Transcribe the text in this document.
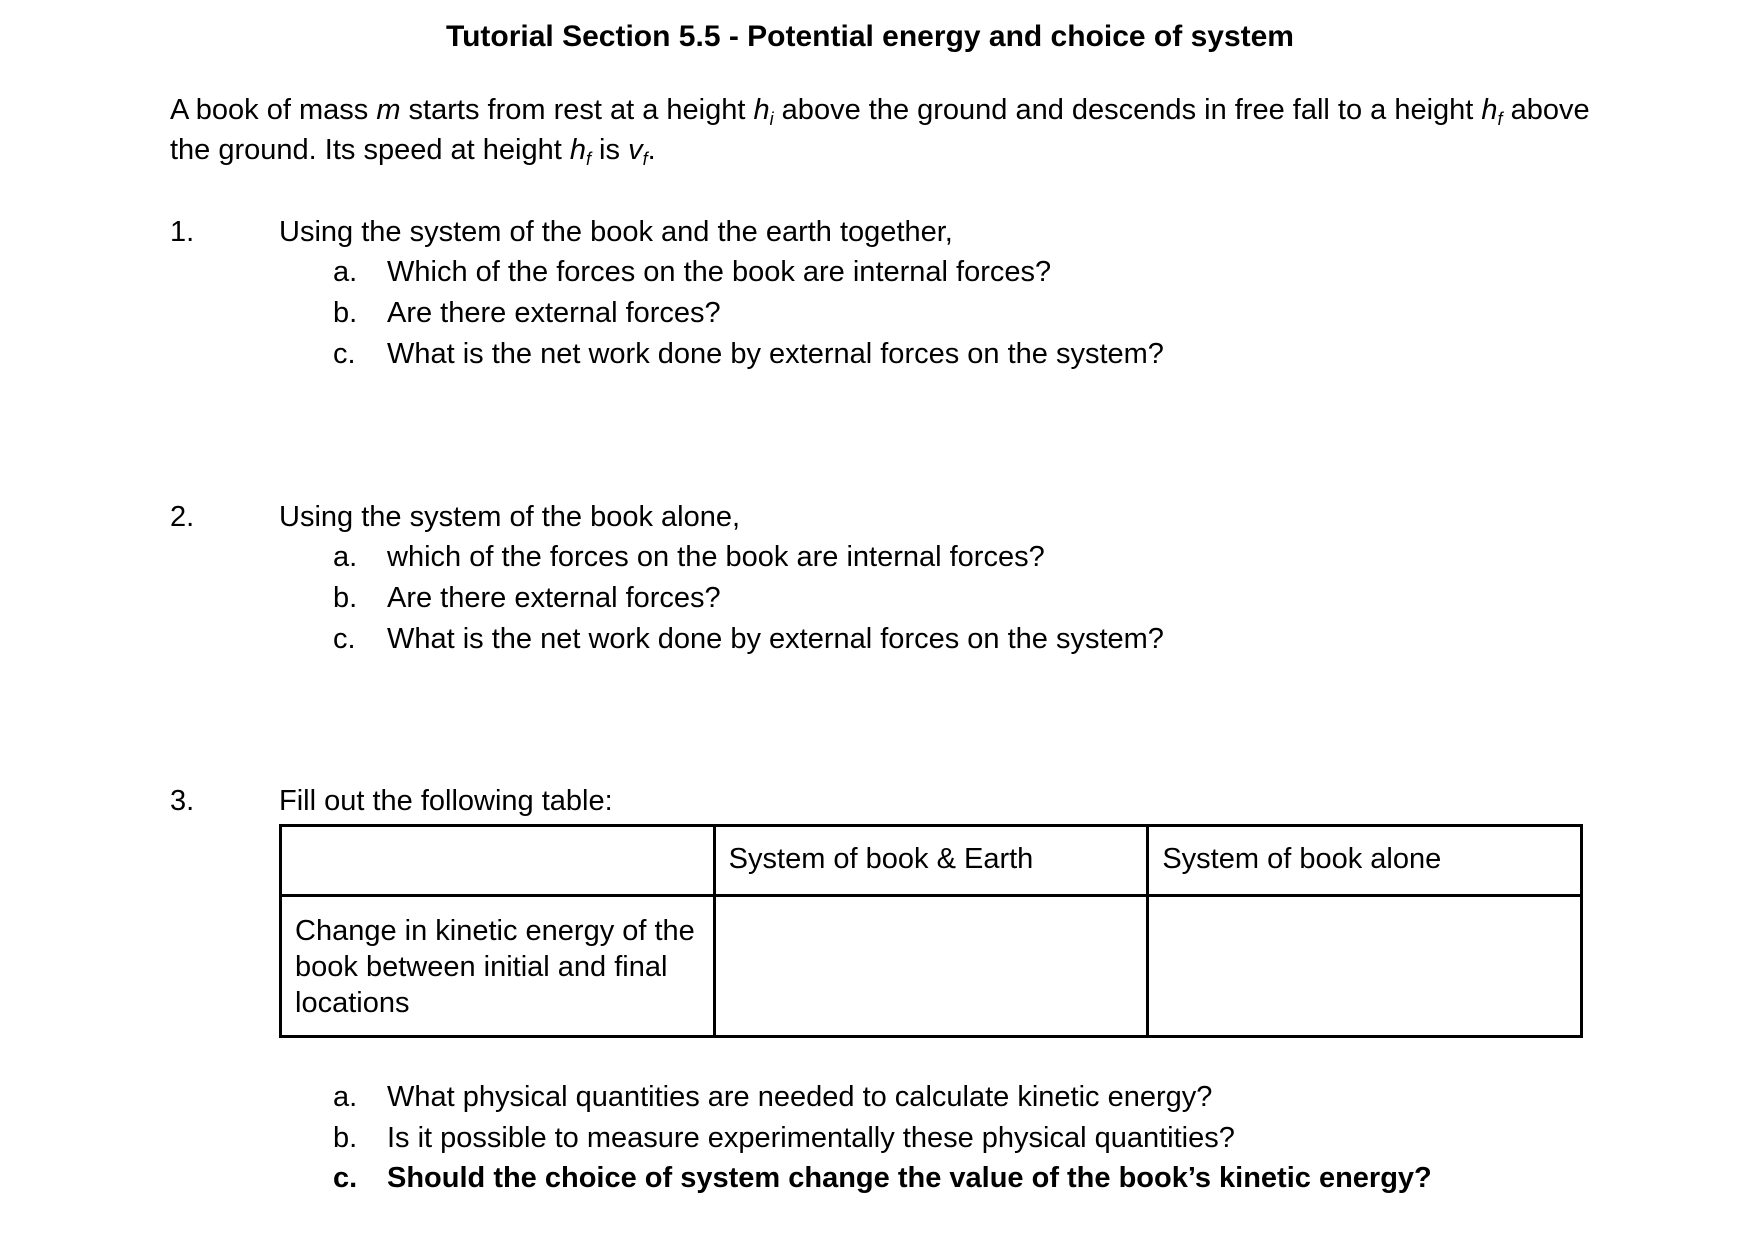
Tutorial Section 5.5 - Potential energy and choice of system
A book of mass m starts from rest at a height $h_i$ above the ground and descends in free fall to a height $h_f$ above the ground. Its speed at height $h_f$ is $v_f$.
1.	Using the system of the book and the earth together,
a.	Which of the forces on the book are internal forces?
b.	Are there external forces?
c.	What is the net work done by external forces on the system?
2.	Using the system of the book alone,
a.	which of the forces on the book are internal forces?
b.	Are there external forces?
c.	What is the net work done by external forces on the system?
3.	Fill out the following table:
	System of book & Earth	System of book alone
Change in kinetic energy of the book between initial and final locations		
a.	What physical quantities are needed to calculate kinetic energy?
b.	Is it possible to measure experimentally these physical quantities?
c.	Should the choice of system change the value of the book’s kinetic energy?
